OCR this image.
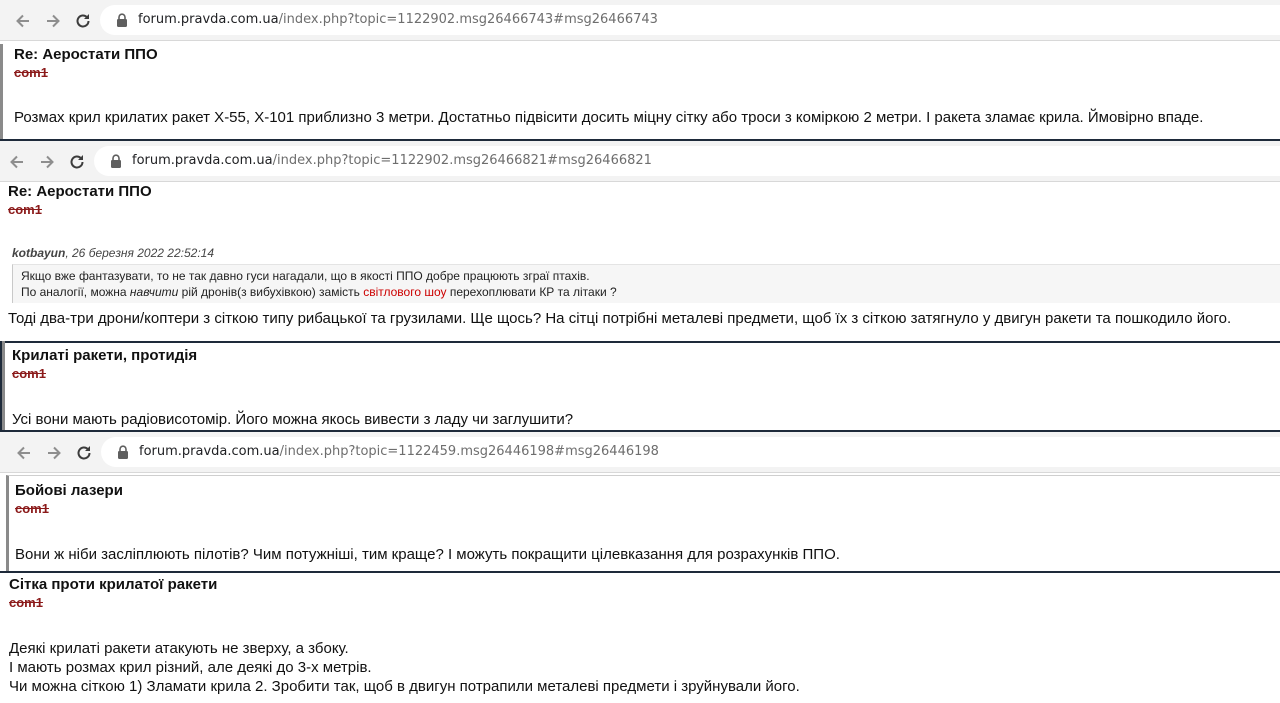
forum.pravda.com.ua/index.php?topic=1122902.msg26466743#msg26466743
Re: Аеростати ППО
com1
Розмах крил крилатих ракет Х-55, Х-101 приблизно 3 метри. Достатньо підвісити досить міцну сітку або троси з коміркою 2 метри. І ракета зламає крила. Ймовірно впаде.
forum.pravda.com.ua/index.php?topic=1122902.msg26466821#msg26466821
Re: Аеростати ППО
com1
kotbayun, 26 березня 2022 22:52:14
Якщо вже фантазувати, то не так давно гуси нагадали, що в якості ППО добре працюють зграї птахів.
По аналогії, можна навчити рій дронів(з вибухівкою) замість світлового шоу перехоплювати КР та літаки ?
Тоді два-три дрони/коптери з сіткою типу рибацької та грузилами. Ще щось? На сітці потрібні металеві предмети, щоб їх з сіткою затягнуло у двигун ракети та пошкодило його.
Крилаті ракети, протидія
com1
Усі вони мають радіовисотомір. Його можна якось вивести з ладу чи заглушити?
forum.pravda.com.ua/index.php?topic=1122459.msg26446198#msg26446198
Бойові лазери
com1
Вони ж ніби засліплюють пілотів? Чим потужніші, тим краще? І можуть покращити цілевказання для розрахунків ППО.
Сітка проти крилатої ракети
com1
Деякі крилаті ракети атакують не зверху, а збоку.
І мають розмах крил різний, але деякі до 3-х метрів.
Чи можна сіткою 1) Зламати крила 2. Зробити так, щоб в двигун потрапили металеві предмети і зруйнували його.
